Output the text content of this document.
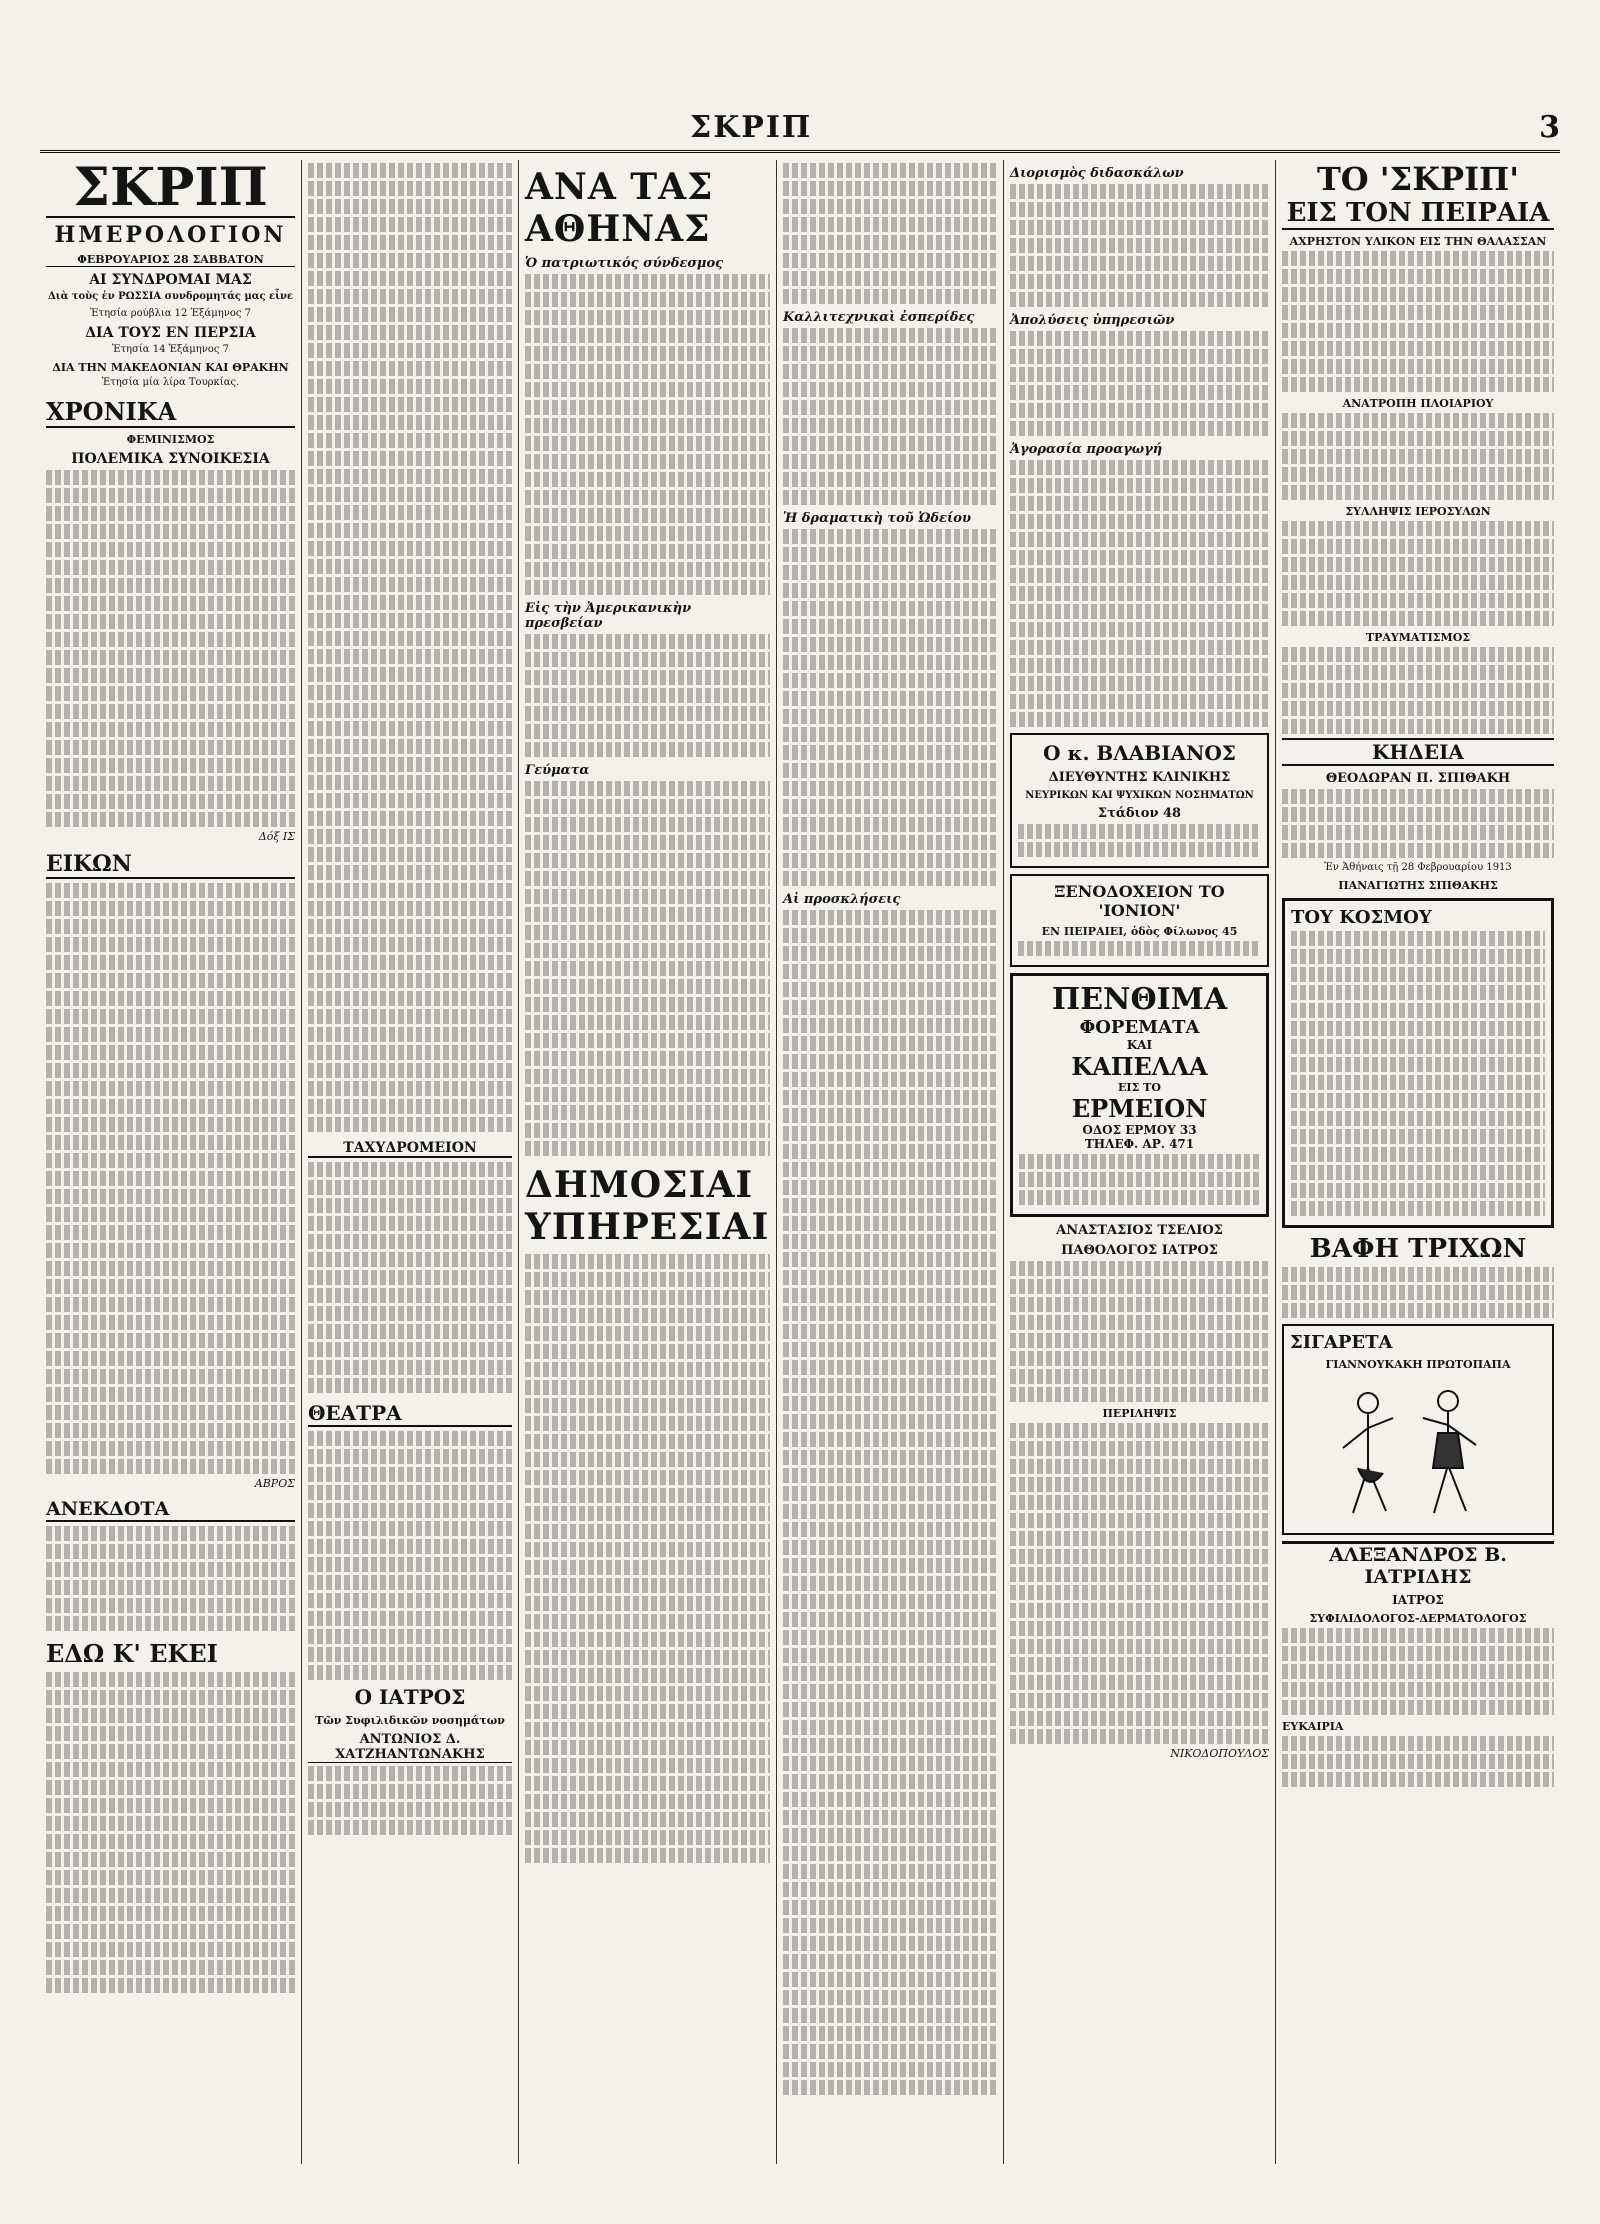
ΣΚΡΙΠ	3
ΣΚΡΙΠ
ΗΜΕΡΟΛΟΓΙΟΝ
ΦΕΒΡΟΥΑΡΙΟΣ 28 ΣΑΒΒΑΤΟΝ
ΑΙ ΣΥΝΔΡΟΜΑΙ ΜΑΣ

Διὰ τοὺς ἐν ΡΩΣΣΙΑ συνδρομητάς μας εἶνε

Ἐτησία ρούβλια 12 Ἑξάμηνος 7

ΔΙΑ ΤΟΥΣ ΕΝ ΠΕΡΣΙΑ

Ἐτησία 14 Ἑξάμηνος 7

ΔΙΑ ΤΗΝ ΜΑΚΕΔΟΝΙΑΝ ΚΑΙ ΘΡΑΚΗΝ

Ἐτησία μία λίρα Τουρκίας.

ΧΡΟΝΙΚΑ
ΦΕΜΙΝΙΣΜΟΣ
ΠΟΛΕΜΙΚΑ ΣΥΝΟΙΚΕΣΙΑ
Δόξ ΙΣ
ΕΙΚΩΝ
ΑΒΡΟΣ
ΑΝΕΚΔΟΤΑ
ΕΔΩ Κ' ΕΚΕΙ
ΤΑΧΥΔΡΟΜΕΙΟΝ
ΘΕΑΤΡΑ
Ο ΙΑΤΡΟΣ
Τῶν Συφιλιδικῶν νοσημάτων
ΑΝΤΩΝΙΟΣ Δ. ΧΑΤΖΗΑΝΤΩΝΑΚΗΣ
ΑΝΑ ΤΑΣ ΑΘΗΝΑΣ
Ὁ πατριωτικός σύνδεσμος
Εἰς τὴν Ἀμερικανικὴν πρεσβείαν
Γεύματα
ΔΗΜΟΣΙΑΙ ΥΠΗΡΕΣΙΑΙ
Καλλιτεχνικαὶ ἐσπερίδες
Ἡ δραματικὴ τοῦ Ὠδείου
Αἱ προσκλήσεις
Διορισμὸς διδασκάλων
Ἀπολύσεις ὑπηρεσιῶν
Ἀγορασία προαγωγή
Ο κ. ΒΛΑΒΙΑΝΟΣ
ΔΙΕΥΘΥΝΤΗΣ ΚΛΙΝΙΚΗΣ
ΝΕΥΡΙΚΩΝ ΚΑΙ ΨΥΧΙΚΩΝ ΝΟΣΗΜΑΤΩΝ
Στάδιον 48
ΞΕΝΟΔΟΧΕΙΟΝ ΤΟ 'ΙΟΝΙΟΝ'
ΕΝ ΠΕΙΡΑΙΕΙ, ὁδὸς Φίλωνος 45
ΠΕΝΘΙΜΑ
ΦΟΡΕΜΑΤΑ
ΚΑΙ
ΚΑΠΕΛΛΑ
ΕΙΣ ΤΟ
ΕΡΜΕΙΟΝ
ΟΔΟΣ ΕΡΜΟΥ 33
ΤΗΛΕΦ. ΑΡ. 471
ΑΝΑΣΤΑΣΙΟΣ ΤΣΕΛΙΟΣ
ΠΑΘΟΛΟΓΟΣ ΙΑΤΡΟΣ
ΠΕΡΙΛΗΨΙΣ
ΝΙΚΟΔΟΠΟΥΛΟΣ
ΤΟ 'ΣΚΡΙΠ'
ΕΙΣ ΤΟΝ ΠΕΙΡΑΙΑ
ΑΧΡΗΣΤΟΝ ΥΛΙΚΟΝ ΕΙΣ ΤΗΝ ΘΑΛΑΣΣΑΝ
ΑΝΑΤΡΟΠΗ ΠΛΟΙΑΡΙΟΥ
ΣΥΛΛΗΨΙΣ ΙΕΡΟΣΥΛΩΝ
ΤΡΑΥΜΑΤΙΣΜΟΣ
ΚΗΔΕΙΑ
ΘΕΟΔΩΡΑΝ Π. ΣΠΙΘΑΚΗ

Ἐν Ἀθήναις τῇ 28 Φεβρουαρίου 1913

ΠΑΝΑΓΙΩΤΗΣ ΣΠΙΘΑΚΗΣ
ΤΟΥ ΚΟΣΜΟΥ
ΒΑΦΗ ΤΡΙΧΩΝ
ΣΙΓΑΡΕΤΑ
ΓΙΑΝΝΟΥΚΑΚΗ ΠΡΩΤΟΠΑΠΑ
ΑΛΕΞΑΝΔΡΟΣ Β. ΙΑΤΡΙΔΗΣ
ΙΑΤΡΟΣ
ΣΥΦΙΛΙΔΟΛΟΓΟΣ-ΔΕΡΜΑΤΟΛΟΓΟΣ
ΕΥΚΑΙΡΙΑ
